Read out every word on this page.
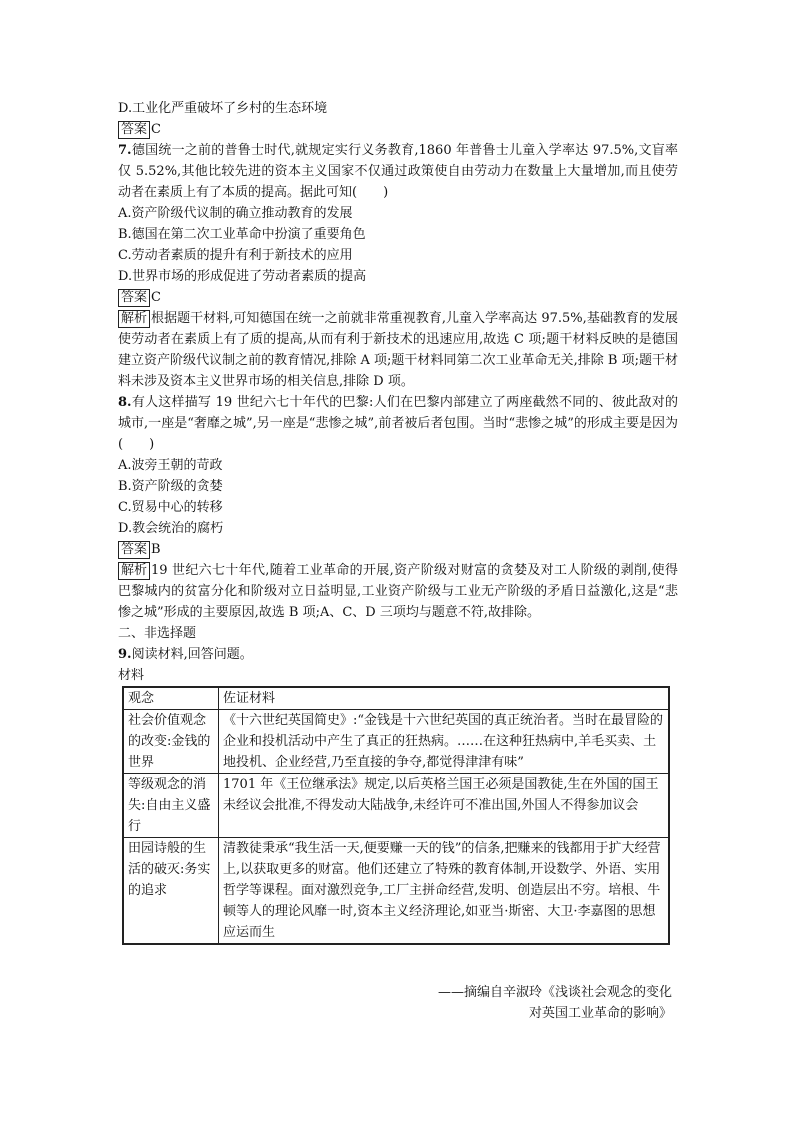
D.工业化严重破坏了乡村的生态环境
答案 C
7.德国统一之前的普鲁士时代,就规定实行义务教育,1860 年普鲁士儿童入学率达 97.5%,文盲率仅 5.52%,其他比较先进的资本主义国家不仅通过政策使自由劳动力在数量上大量增加,而且使劳动者在素质上有了本质的提高。据此可知(　　)
A.资产阶级代议制的确立推动教育的发展
B.德国在第二次工业革命中扮演了重要角色
C.劳动者素质的提升有利于新技术的应用
D.世界市场的形成促进了劳动者素质的提高
答案 C
解析 根据题干材料,可知德国在统一之前就非常重视教育,儿童入学率高达 97.5%,基础教育的发展使劳动者在素质上有了质的提高,从而有利于新技术的迅速应用,故选 C 项;题干材料反映的是德国建立资产阶级代议制之前的教育情况,排除 A 项;题干材料同第二次工业革命无关,排除 B 项;题干材料未涉及资本主义世界市场的相关信息,排除 D 项。
8.有人这样描写 19 世纪六七十年代的巴黎:人们在巴黎内部建立了两座截然不同的、彼此敌对的城市,一座是“奢靡之城”,另一座是“悲惨之城”,前者被后者包围。当时“悲惨之城”的形成主要是因为(　　)
A.波旁王朝的苛政
B.资产阶级的贪婪
C.贸易中心的转移
D.教会统治的腐朽
答案 B
解析 19 世纪六七十年代,随着工业革命的开展,资产阶级对财富的贪婪及对工人阶级的剥削,使得巴黎城内的贫富分化和阶级对立日益明显,工业资产阶级与工业无产阶级的矛盾日益激化,这是“悲惨之城”形成的主要原因,故选 B 项;A、C、D 三项均与题意不符,故排除。
二、非选择题
9.阅读材料,回答问题。
材料
观念	佐证材料
社会价值观念的改变:金钱的世界	《十六世纪英国简史》:“金钱是十六世纪英国的真正统治者。当时在最冒险的企业和投机活动中产生了真正的狂热病。……在这种狂热病中,羊毛买卖、土地投机、企业经营,乃至直接的争夺,都觉得津津有味”
等级观念的消失:自由主义盛行	1701 年《王位继承法》规定,以后英格兰国王必须是国教徒,生在外国的国王未经议会批准,不得发动大陆战争,未经许可不准出国,外国人不得参加议会
田园诗般的生活的破灭:务实的追求	清教徒秉承“我生活一天,便要赚一天的钱”的信条,把赚来的钱都用于扩大经营上,以获取更多的财富。他们还建立了特殊的教育体制,开设数学、外语、实用哲学等课程。面对激烈竞争,工厂主拼命经营,发明、创造层出不穷。培根、牛顿等人的理论风靡一时,资本主义经济理论,如亚当·斯密、大卫·李嘉图的思想应运而生
——摘编自辛淑玲《浅谈社会观念的变化
对英国工业革命的影响》
